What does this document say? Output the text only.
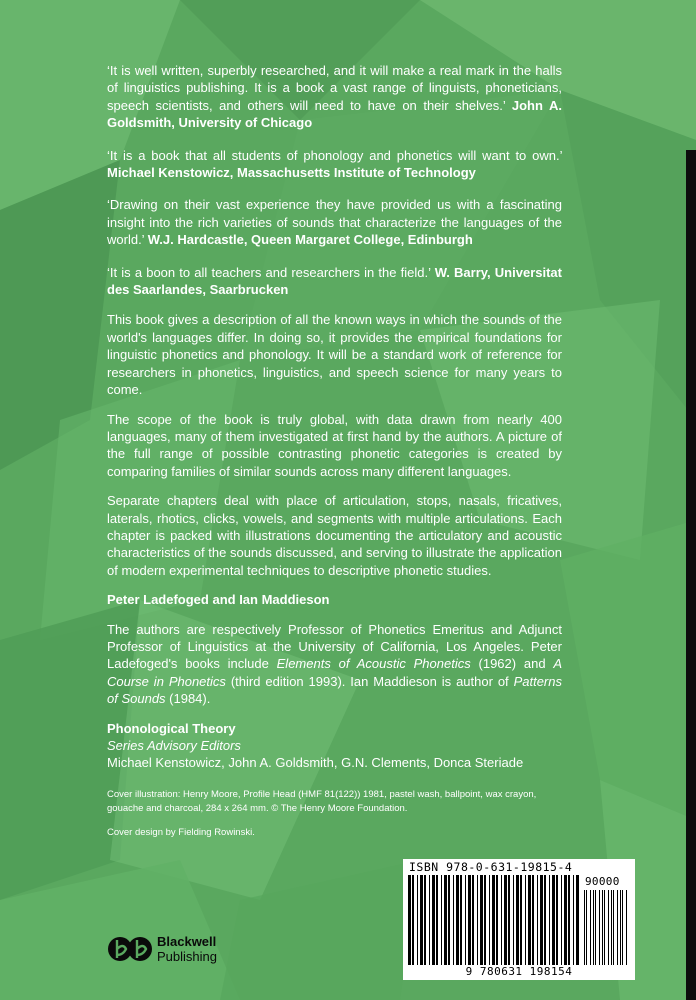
‘It is well written, superbly researched, and it will make a real mark in the halls of linguistics publishing. It is a book a vast range of linguists, phoneticians, speech scientists, and others will need to have on their shelves.’ John A. Goldsmith, University of Chicago

‘It is a book that all students of phonology and phonetics will want to own.’ Michael Kenstowicz, Massachusetts Institute of Technology

‘Drawing on their vast experience they have provided us with a fascinating insight into the rich varieties of sounds that characterize the languages of the world.’ W.J. Hardcastle, Queen Margaret College, Edinburgh

‘It is a boon to all teachers and researchers in the field.’ W. Barry, Universitat des Saarlandes, Saarbrucken

This book gives a description of all the known ways in which the sounds of the world's languages differ. In doing so, it provides the empirical foundations for linguistic phonetics and phonology. It will be a standard work of reference for researchers in phonetics, linguistics, and speech science for many years to come.

The scope of the book is truly global, with data drawn from nearly 400 languages, many of them investigated at first hand by the authors. A picture of the full range of possible contrasting phonetic categories is created by comparing families of similar sounds across many different languages.

Separate chapters deal with place of articulation, stops, nasals, fricatives, laterals, rhotics, clicks, vowels, and segments with multiple articulations. Each chapter is packed with illustrations documenting the articulatory and acoustic characteristics of the sounds discussed, and serving to illustrate the application of modern experimental techniques to descriptive phonetic studies.

Peter Ladefoged and Ian Maddieson

The authors are respectively Professor of Phonetics Emeritus and Adjunct Professor of Linguistics at the University of California, Los Angeles. Peter Ladefoged's books include Elements of Acoustic Phonetics (1962) and A Course in Phonetics (third edition 1993). Ian Maddieson is author of Patterns of Sounds (1984).

Phonological Theory
Series Advisory Editors
Michael Kenstowicz, John A. Goldsmith, G.N. Clements, Donca Steriade

Cover illustration: Henry Moore, Profile Head (HMF 81(122)) 1981, pastel wash, ballpoint, wax crayon, gouache and charcoal, 284 x 264 mm. © The Henry Moore Foundation.

Cover design by Fielding Rowinski.

Blackwell
Publishing
ISBN 978-0-631-19815-4
90000
9 780631 198154
